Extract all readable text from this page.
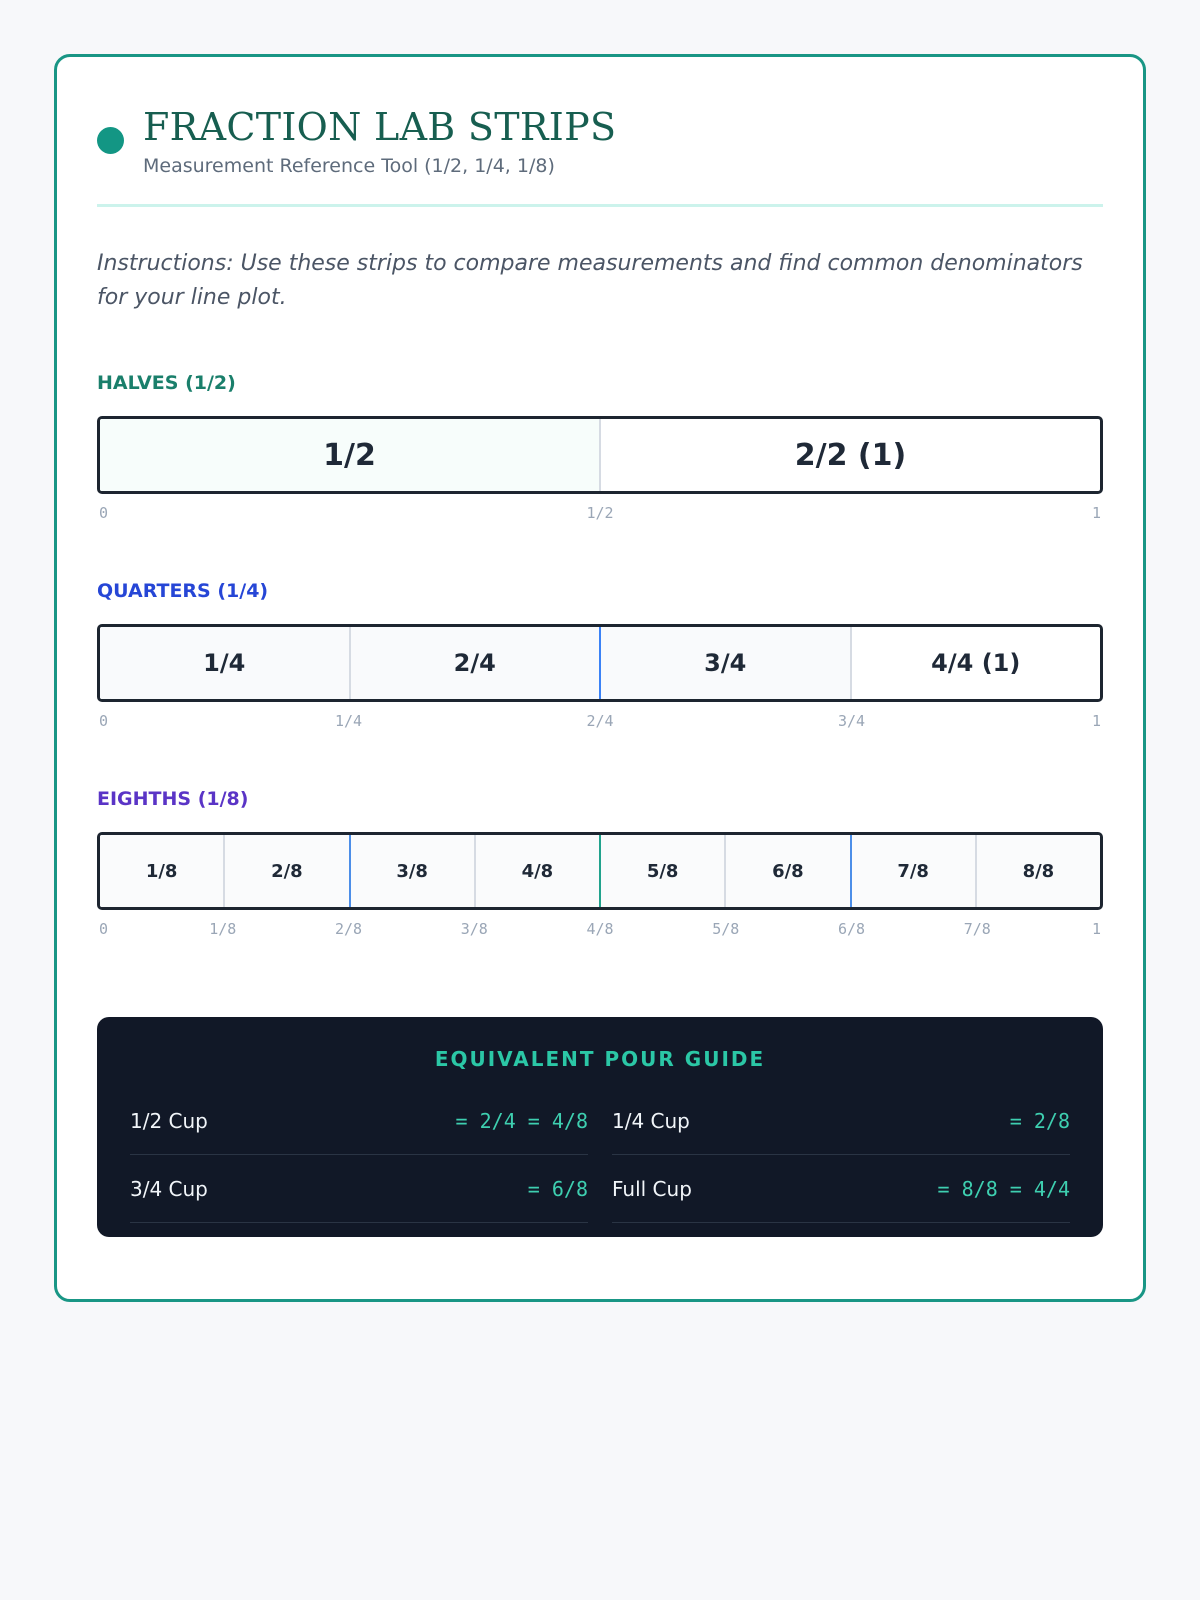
FRACTION LAB STRIPS
Measurement Reference Tool (1/2, 1/4, 1/8)

Instructions: Use these strips to compare measurements and find common denominators for your line plot.

HALVES (1/2)
1/2	2/2 (1)
0	1/2	1
QUARTERS (1/4)
1/4	2/4	3/4	4/4 (1)
0	1/4	2/4	3/4	1
EIGHTHS (1/8)
1/8	2/8	3/8	4/8	5/8	6/8	7/8	8/8
0	1/8	2/8	3/8	4/8	5/8	6/8	7/8	1
EQUIVALENT POUR GUIDE
1/2 Cup	= 2/4 = 4/8 1/4 Cup	= 2/8
3/4 Cup	= 6/8 Full Cup	= 8/8 = 4/4
